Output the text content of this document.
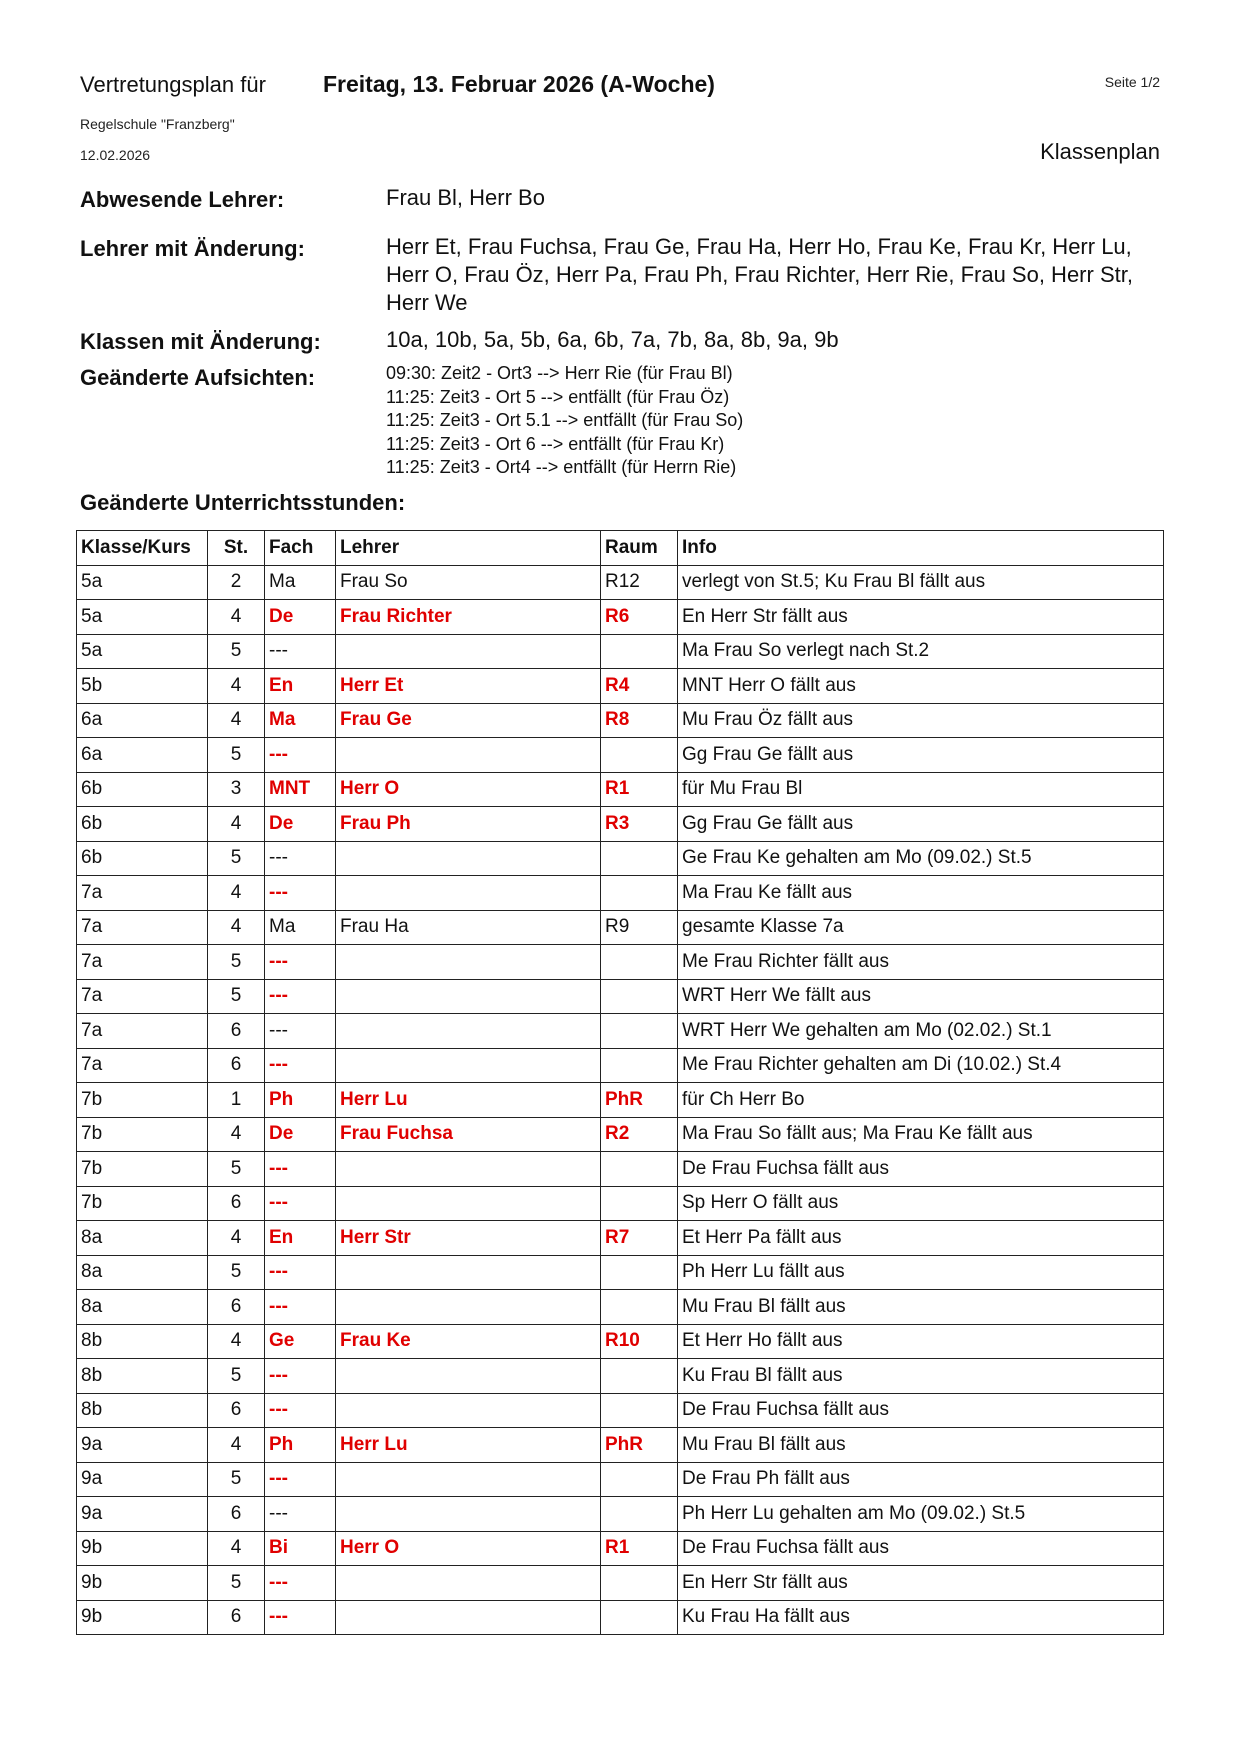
Vertretungsplan für Freitag, 13. Februar 2026 (A-Woche)	Seite 1/2
Regelschule "Franzberg"
12.02.2026	Klassenplan
Abwesende Lehrer:	Frau Bl, Herr Bo
Lehrer mit Änderung:	Herr Et, Frau Fuchsa, Frau Ge, Frau Ha, Herr Ho, Frau Ke, Frau Kr, Herr Lu, Herr O, Frau Öz, Herr Pa, Frau Ph, Frau Richter, Herr Rie, Frau So, Herr Str, Herr We
Klassen mit Änderung:	10a, 10b, 5a, 5b, 6a, 6b, 7a, 7b, 8a, 8b, 9a, 9b
Geänderte Aufsichten:	09:30: Zeit2 - Ort3 --> Herr Rie (für Frau Bl)
11:25: Zeit3 - Ort 5 --> entfällt (für Frau Öz)
11:25: Zeit3 - Ort 5.1 --> entfällt (für Frau So)
11:25: Zeit3 - Ort 6 --> entfällt (für Frau Kr)
11:25: Zeit3 - Ort4 --> entfällt (für Herrn Rie)
Geänderte Unterrichtsstunden:
Klasse/Kurs	St.	Fach	Lehrer	Raum	Info
5a	2	Ma	Frau So	R12	verlegt von St.5; Ku Frau Bl fällt aus
5a	4	De	Frau Richter	R6	En Herr Str fällt aus
5a	5	---			Ma Frau So verlegt nach St.2
5b	4	En	Herr Et	R4	MNT Herr O fällt aus
6a	4	Ma	Frau Ge	R8	Mu Frau Öz fällt aus
6a	5	---			Gg Frau Ge fällt aus
6b	3	MNT	Herr O	R1	für Mu Frau Bl
6b	4	De	Frau Ph	R3	Gg Frau Ge fällt aus
6b	5	---			Ge Frau Ke gehalten am Mo (09.02.) St.5
7a	4	---			Ma Frau Ke fällt aus
7a	4	Ma	Frau Ha	R9	gesamte Klasse 7a
7a	5	---			Me Frau Richter fällt aus
7a	5	---			WRT Herr We fällt aus
7a	6	---			WRT Herr We gehalten am Mo (02.02.) St.1
7a	6	---			Me Frau Richter gehalten am Di (10.02.) St.4
7b	1	Ph	Herr Lu	PhR	für Ch Herr Bo
7b	4	De	Frau Fuchsa	R2	Ma Frau So fällt aus; Ma Frau Ke fällt aus
7b	5	---			De Frau Fuchsa fällt aus
7b	6	---			Sp Herr O fällt aus
8a	4	En	Herr Str	R7	Et Herr Pa fällt aus
8a	5	---			Ph Herr Lu fällt aus
8a	6	---			Mu Frau Bl fällt aus
8b	4	Ge	Frau Ke	R10	Et Herr Ho fällt aus
8b	5	---			Ku Frau Bl fällt aus
8b	6	---			De Frau Fuchsa fällt aus
9a	4	Ph	Herr Lu	PhR	Mu Frau Bl fällt aus
9a	5	---			De Frau Ph fällt aus
9a	6	---			Ph Herr Lu gehalten am Mo (09.02.) St.5
9b	4	Bi	Herr O	R1	De Frau Fuchsa fällt aus
9b	5	---			En Herr Str fällt aus
9b	6	---			Ku Frau Ha fällt aus
